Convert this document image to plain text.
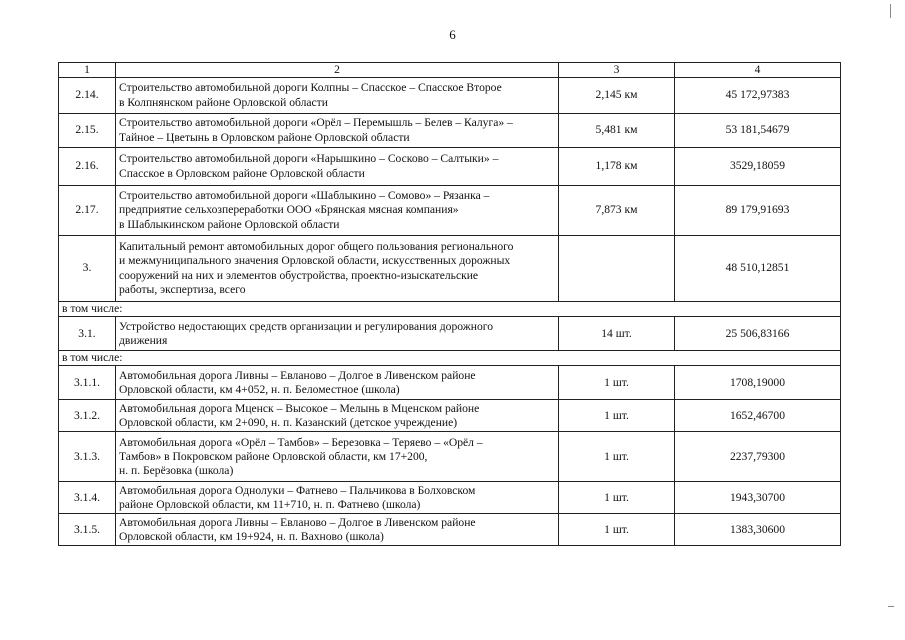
6
1	2	3	4
2.14.	Строительство автомобильной дороги Колпны – Спасское – Спасское Второе
в Колпнянском районе Орловской области	2,145 км	45 172,97383
2.15.	Строительство автомобильной дороги «Орёл – Перемышль – Белев – Калуга» –
Тайное – Цветынь в Орловском районе Орловской области	5,481 км	53 181,54679
2.16.	Строительство автомобильной дороги «Нарышкино – Сосково – Салтыки» –
Спасское в Орловском районе Орловской области	1,178 км	3529,18059
2.17.	Строительство автомобильной дороги «Шаблыкино – Сомово» – Рязанка –
предприятие сельхозпереработки ООО «Брянская мясная компания»
в Шаблыкинском районе Орловской области	7,873 км	89 179,91693
3.	Капитальный ремонт автомобильных дорог общего пользования регионального
и межмуниципального значения Орловской области, искусственных дорожных
сооружений на них и элементов обустройства, проектно-изыскательские
работы, экспертиза, всего		48 510,12851
в том числе:			
3.1.	Устройство недостающих средств организации и регулирования дорожного
движения	14 шт.	25 506,83166
в том числе:			
3.1.1.	Автомобильная дорога Ливны – Евланово – Долгое в Ливенском районе
Орловской области, км 4+052, н. п. Беломестное (школа)	1 шт.	1708,19000
3.1.2.	Автомобильная дорога Мценск – Высокое – Мелынь в Мценском районе
Орловской области, км 2+090, н. п. Казанский (детское учреждение)	1 шт.	1652,46700
3.1.3.	Автомобильная дорога «Орёл – Тамбов» – Березовка – Теряево – «Орёл –
Тамбов» в Покровском районе Орловской области, км 17+200,
н. п. Берёзовка (школа)	1 шт.	2237,79300
3.1.4.	Автомобильная дорога Однолуки – Фатнево – Пальчикова в Болховском
районе Орловской области, км 11+710, н. п. Фатнево (школа)	1 шт.	1943,30700
3.1.5.	Автомобильная дорога Ливны – Евланово – Долгое в Ливенском районе
Орловской области, км 19+924, н. п. Вахново (школа)	1 шт.	1383,30600
